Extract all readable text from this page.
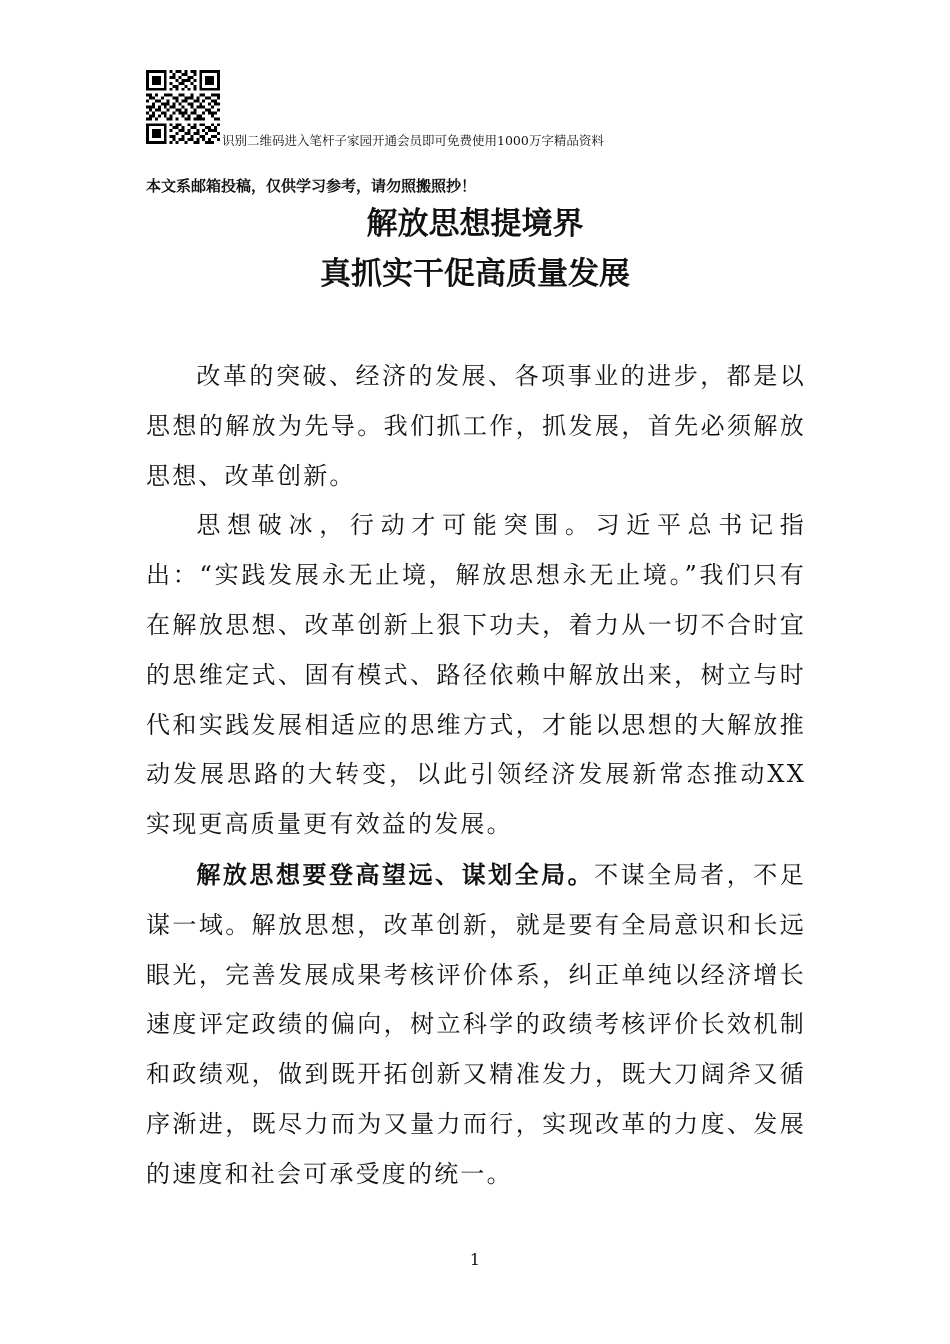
识别二维码进入笔杆子家园开通会员即可免费使用1000万字精品资料
本文系邮箱投稿，仅供学习参考，请勿照搬照抄！
解放思想提境界
真抓实干促高质量发展

改革的突破、经济的发展、各项事业的进步，都是以思想的解放为先导。我们抓工作，抓发展，首先必须解放思想、改革创新。

思想破冰，行动才可能突围。习近平总书记指出：“实践发展永无止境，解放思想永无止境。”我们只有在解放思想、改革创新上狠下功夫，着力从一切不合时宜的思维定式、固有模式、路径依赖中解放出来，树立与时代和实践发展相适应的思维方式，才能以思想的大解放推动发展思路的大转变，以此引领经济发展新常态推动XX实现更高质量更有效益的发展。

解放思想要登高望远、谋划全局。不谋全局者，不足谋一域。解放思想，改革创新，就是要有全局意识和长远眼光，完善发展成果考核评价体系，纠正单纯以经济增长速度评定政绩的偏向，树立科学的政绩考核评价长效机制和政绩观，做到既开拓创新又精准发力，既大刀阔斧又循序渐进，既尽力而为又量力而行，实现改革的力度、发展的速度和社会可承受度的统一。

1
